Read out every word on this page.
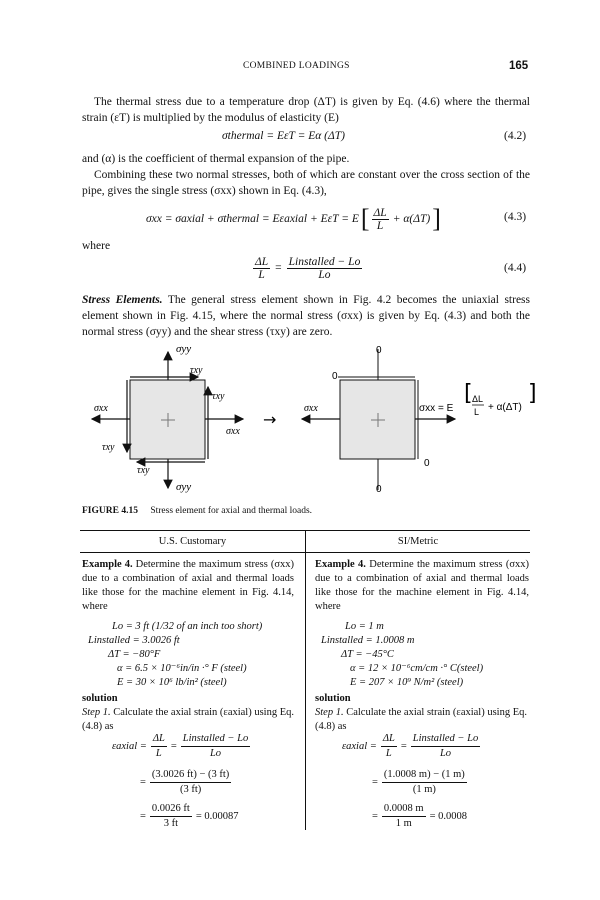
COMBINED LOADINGS	165
The thermal stress due to a temperature drop (ΔT) is given by Eq. (4.6) where the thermal strain (εT) is multiplied by the modulus of elasticity (E)
σthermal = EεT = Eα (ΔT)	(4.2)
and (α) is the coefficient of thermal expansion of the pipe.
Combining these two normal stresses, both of which are constant over the cross section of the pipe, gives the single stress (σxx) shown in Eq. (4.3),
σxx = σaxial + σthermal = Eεaxial + EεT = E [ $\frac{\Delta L}{L} + \alpha(\Delta T)$ ]	(4.3)
where
$\frac{\Delta L}{L} = \frac{\text{Linstalled − Lo}}{Lo}$	(4.4)
Stress Elements. The general stress element shown in Fig. 4.2 becomes the uniaxial stress element shown in Fig. 4.15, where the normal stress (σxx) is given by Eq. (4.3) and both the normal stress (σyy) and the shear stress (τxy) are zero.
σyy
τxy
τxy
σxx
σxx
τxy
τxy
σyy
→
0
0
σxx	σxx = E
[ ΔL
L + α(ΔT)
]
0
0
FIGURE 4.15 Stress element for axial and thermal loads.
U.S. Customary	SI/Metric
Example 4. Determine the maximum stress (σxx) due to a combination of axial and thermal loads like those for the machine element in Fig. 4.14, where
Lo = 3 ft (1/32 of an inch too short)
Linstalled = 3.0026 ft
ΔT = −80°F
α = 6.5 × 10⁻⁶in/in ·° F (steel)
E = 30 × 10⁶ lb/in² (steel)
solution
Step 1. Calculate the axial strain (εaxial) using Eq. (4.8) as
εaxial = $\frac{\Delta L}{L} = \frac{\text{Linstalled − Lo}}{Lo}$
= $\frac{(3.0026 ft) - (3 ft)}{(3 ft)}$
= $\frac{0.0026 ft}{3 ft} = 0.00087$
Example 4. Determine the maximum stress (σxx) due to a combination of axial and thermal loads like those for the machine element in Fig. 4.14, where
Lo = 1 m
Linstalled = 1.0008 m
ΔT = −45°C
α = 12 × 10⁻⁶cm/cm ·° C(steel)
E = 207 × 10⁹ N/m² (steel)
solution
Step 1. Calculate the axial strain (εaxial) using Eq. (4.8) as
εaxial = $\frac{\Delta L}{L} = \frac{\text{Linstalled − Lo}}{Lo}$
= $\frac{(1.0008 m) - (1 m)}{(1 m)}$
= $\frac{0.0008 m}{1 m} = 0.0008$
